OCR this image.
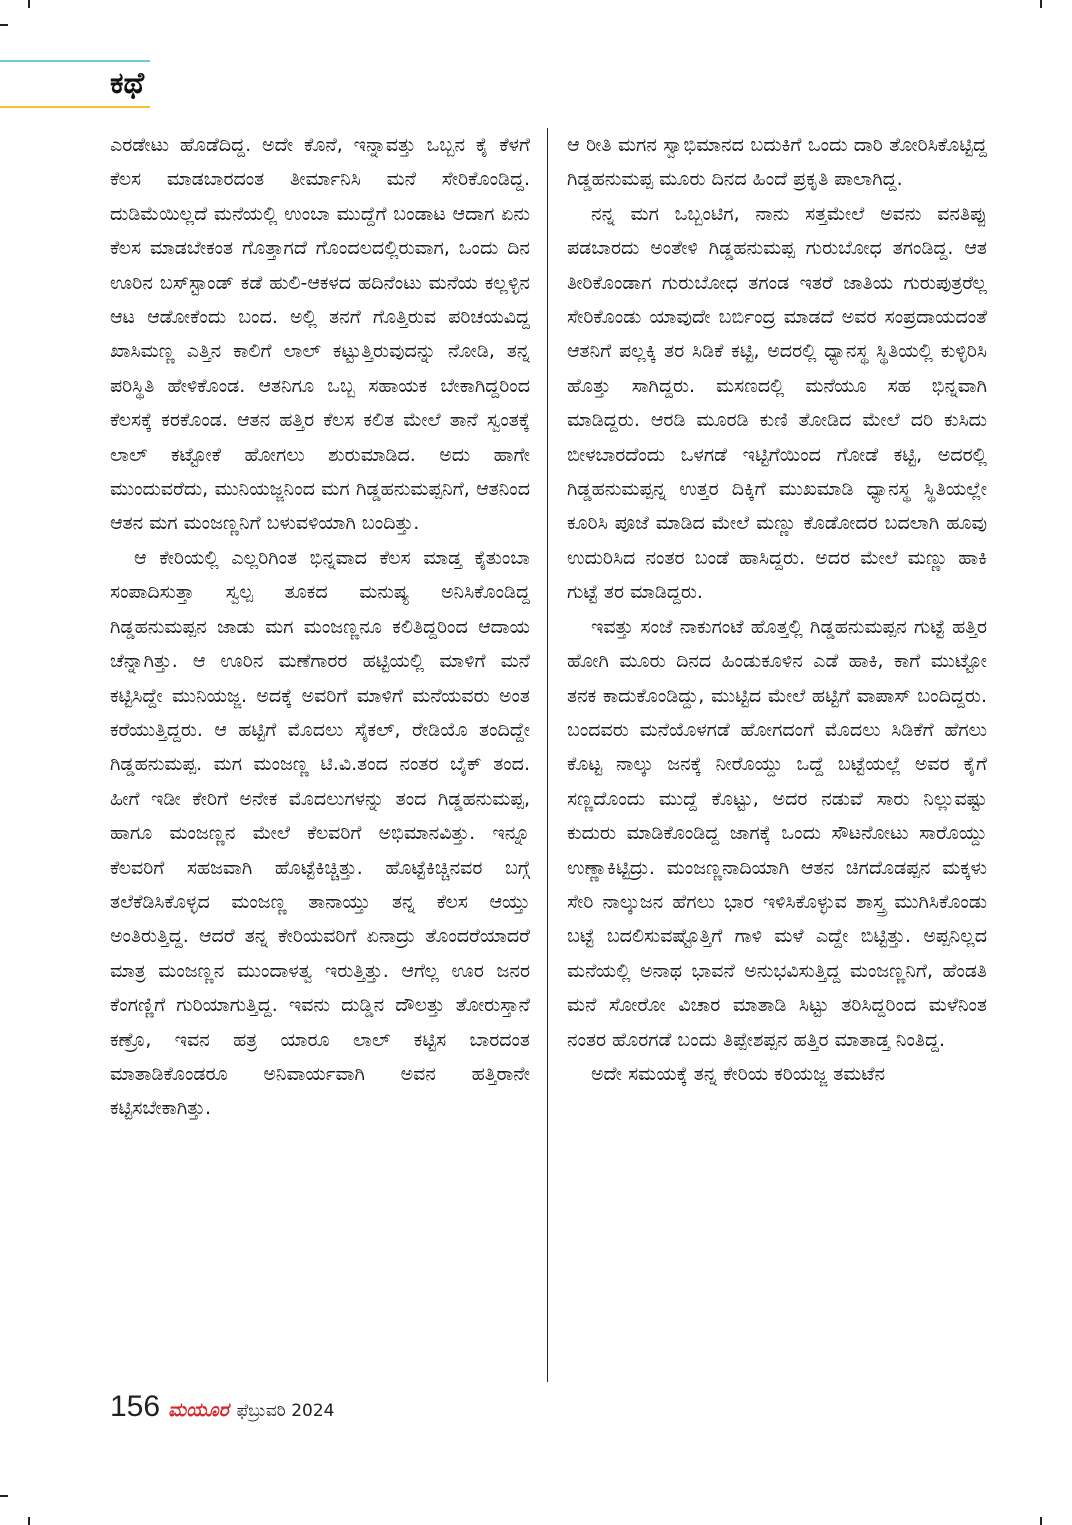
ಕಥೆ

ಎರಡೇಟು ಹೊಡೆದಿದ್ದ. ಅದೇ ಕೊನೆ, ಇನ್ನಾವತ್ತು ಒಬ್ಬನ ಕೈ ಕೆಳಗೆ ಕೆಲಸ ಮಾಡಬಾರದಂತ ತೀರ್ಮಾನಿಸಿ ಮನೆ ಸೇರಿಕೊಂಡಿದ್ದ. ದುಡಿಮೆಯಿಲ್ಲದೆ ಮನೆಯಲ್ಲಿ ಉಂಬಾ ಮುದ್ದೆಗೆ ಬಂಡಾಟ ಆದಾಗ ಏನು ಕೆಲಸ ಮಾಡಬೇಕಂತ ಗೊತ್ತಾಗದೆ ಗೊಂದಲದಲ್ಲಿರುವಾಗ, ಒಂದು ದಿನ ಊರಿನ ಬಸ್‌ಸ್ಟಾಂಡ್ ಕಡೆ ಹುಲಿ-ಆಕಳದ ಹದಿನೆಂಟು ಮನೆಯ ಕಲ್ಲಳ್ಳಿನ ಆಟ ಆಡೋಕೆಂದು ಬಂದ. ಅಲ್ಲಿ ತನಗೆ ಗೊತ್ತಿರುವ ಪರಿಚಯವಿದ್ದ ಖಾಸಿಮಣ್ಣ ಎತ್ತಿನ ಕಾಲಿಗೆ ಲಾಲ್ ಕಟ್ಟುತ್ತಿರುವುದನ್ನು ನೋಡಿ, ತನ್ನ ಪರಿಸ್ಥಿತಿ ಹೇಳಿಕೊಂಡ. ಆತನಿಗೂ ಒಬ್ಬ ಸಹಾಯಕ ಬೇಕಾಗಿದ್ದರಿಂದ ಕೆಲಸಕ್ಕೆ ಕರಕೊಂಡ. ಆತನ ಹತ್ತಿರ ಕೆಲಸ ಕಲಿತ ಮೇಲೆ ತಾನೆ ಸ್ವಂತಕ್ಕೆ ಲಾಲ್ ಕಟ್ಟೋಕೆ ಹೋಗಲು ಶುರುಮಾಡಿದ. ಅದು ಹಾಗೇ ಮುಂದುವರೆದು, ಮುನಿಯಜ್ಜನಿಂದ ಮಗ ಗಿಡ್ಡಹನುಮಪ್ಪನಿಗೆ, ಆತನಿಂದ ಆತನ ಮಗ ಮಂಜಣ್ಣನಿಗೆ ಬಳುವಳಿಯಾಗಿ ಬಂದಿತ್ತು.

ಆ ಕೇರಿಯಲ್ಲಿ ಎಲ್ಲರಿಗಿಂತ ಭಿನ್ನವಾದ ಕೆಲಸ ಮಾಡ್ತ ಕೈತುಂಬಾ ಸಂಪಾದಿಸುತ್ತಾ ಸ್ವಲ್ಪ ತೂಕದ ಮನುಷ್ಯ ಅನಿಸಿಕೊಂಡಿದ್ದ ಗಿಡ್ಡಹನುಮಪ್ಪನ ಜಾಡು ಮಗ ಮಂಜಣ್ಣನೂ ಕಲಿತಿದ್ದರಿಂದ ಆದಾಯ ಚೆನ್ನಾಗಿತ್ತು. ಆ ಊರಿನ ಮಣೆಗಾರರ ಹಟ್ಟಿಯಲ್ಲಿ ಮಾಳಿಗೆ ಮನೆ ಕಟ್ಟಿಸಿದ್ದೇ ಮುನಿಯಜ್ಜ. ಅದಕ್ಕೆ ಅವರಿಗೆ ಮಾಳಿಗೆ ಮನೆಯವರು ಅಂತ ಕರೆಯುತ್ತಿದ್ದರು. ಆ ಹಟ್ಟಿಗೆ ಮೊದಲು ಸೈಕಲ್, ರೇಡಿಯೊ ತಂದಿದ್ದೇ ಗಿಡ್ಡಹನುಮಪ್ಪ. ಮಗ ಮಂಜಣ್ಣ ಟಿ.ವಿ.ತಂದ ನಂತರ ಬೈಕ್ ತಂದ. ಹೀಗೆ ಇಡೀ ಕೇರಿಗೆ ಅನೇಕ ಮೊದಲುಗಳನ್ನು ತಂದ ಗಿಡ್ಡಹನುಮಪ್ಪ, ಹಾಗೂ ಮಂಜಣ್ಣನ ಮೇಲೆ ಕೆಲವರಿಗೆ ಅಭಿಮಾನವಿತ್ತು. ಇನ್ನೂ ಕೆಲವರಿಗೆ ಸಹಜವಾಗಿ ಹೊಟ್ಟೆಕಿಚ್ಚಿತ್ತು. ಹೊಟ್ಟೆಕಿಚ್ಚಿನವರ ಬಗ್ಗೆ ತಲೆಕೆಡಿಸಿಕೊಳ್ಳದ ಮಂಜಣ್ಣ ತಾನಾಯ್ತು ತನ್ನ ಕೆಲಸ ಆಯ್ತು ಅಂತಿರುತ್ತಿದ್ದ. ಆದರೆ ತನ್ನ ಕೇರಿಯವರಿಗೆ ಏನಾದ್ರು ತೊಂದರೆಯಾದರೆ ಮಾತ್ರ ಮಂಜಣ್ಣನ ಮುಂದಾಳತ್ವ ಇರುತ್ತಿತ್ತು. ಆಗೆಲ್ಲ ಊರ ಜನರ ಕೆಂಗಣ್ಣಿಗೆ ಗುರಿಯಾಗುತ್ತಿದ್ದ. ಇವನು ದುಡ್ಡಿನ ದೌಲತ್ತು ತೋರುಸ್ತಾನೆ ಕಣ್ರೊ, ಇವನ ಹತ್ರ ಯಾರೂ ಲಾಲ್ ಕಟ್ಟಿಸ ಬಾರದಂತ ಮಾತಾಡಿಕೊಂಡರೂ ಅನಿವಾರ್ಯವಾಗಿ ಅವನ ಹತ್ತಿರಾನೇ ಕಟ್ಟಿಸಬೇಕಾಗಿತ್ತು.

ಆ ರೀತಿ ಮಗನ ಸ್ವಾಭಿಮಾನದ ಬದುಕಿಗೆ ಒಂದು ದಾರಿ ತೋರಿಸಿಕೊಟ್ಟಿದ್ದ ಗಿಡ್ಡಹನುಮಪ್ಪ ಮೂರು ದಿನದ ಹಿಂದೆ ಪ್ರಕೃತಿ ಪಾಲಾಗಿದ್ದ.

ನನ್ನ ಮಗ ಒಬ್ಬಂಟಿಗ, ನಾನು ಸತ್ತಮೇಲೆ ಅವನು ವನತಿಪ್ಪು ಪಡಬಾರದು ಅಂತೇಳಿ ಗಿಡ್ಡಹನುಮಪ್ಪ ಗುರುಬೋಧ ತಗಂಡಿದ್ದ. ಆತ ತೀರಿಕೊಂಡಾಗ ಗುರುಬೋಧ ತಗಂಡ ಇತರೆ ಜಾತಿಯ ಗುರುಪುತ್ರರೆಲ್ಲ ಸೇರಿಕೊಂಡು ಯಾವುದೇ ಬರ್ಬಿಂದ್ರ ಮಾಡದೆ ಅವರ ಸಂಪ್ರದಾಯದಂತೆ ಆತನಿಗೆ ಪಲ್ಲಕ್ಕಿ ತರ ಸಿಡಿಕೆ ಕಟ್ಟಿ, ಅದರಲ್ಲಿ ಧ್ಯಾನಸ್ಥ ಸ್ಥಿತಿಯಲ್ಲಿ ಕುಳ್ಳಿರಿಸಿ ಹೊತ್ತು ಸಾಗಿದ್ದರು. ಮಸಣದಲ್ಲಿ ಮನೆಯೂ ಸಹ ಭಿನ್ನವಾಗಿ ಮಾಡಿದ್ದರು. ಆರಡಿ ಮೂರಡಿ ಕುಣಿ ತೋಡಿದ ಮೇಲೆ ದರಿ ಕುಸಿದು ಬೀಳಬಾರದೆಂದು ಒಳಗಡೆ ಇಟ್ಟಿಗೆಯಿಂದ ಗೋಡೆ ಕಟ್ಟಿ, ಅದರಲ್ಲಿ ಗಿಡ್ಡಹನುಮಪ್ಪನ್ನ ಉತ್ತರ ದಿಕ್ಕಿಗೆ ಮುಖಮಾಡಿ ಧ್ಯಾನಸ್ಥ ಸ್ಥಿತಿಯಲ್ಲೇ ಕೂರಿಸಿ ಪೂಜೆ ಮಾಡಿದ ಮೇಲೆ ಮಣ್ಣು ಕೊಡೋದರ ಬದಲಾಗಿ ಹೂವು ಉದುರಿಸಿದ ನಂತರ ಬಂಡೆ ಹಾಸಿದ್ದರು. ಅದರ ಮೇಲೆ ಮಣ್ಣು ಹಾಕಿ ಗುಟ್ಟೆ ತರ ಮಾಡಿದ್ದರು.

ಇವತ್ತು ಸಂಜೆ ನಾಕುಗಂಟೆ ಹೊತ್ತಲ್ಲಿ ಗಿಡ್ಡಹನುಮಪ್ಪನ ಗುಟ್ಟೆ ಹತ್ತಿರ ಹೋಗಿ ಮೂರು ದಿನದ ಹಿಂಡುಕೂಳಿನ ಎಡೆ ಹಾಕಿ, ಕಾಗೆ ಮುಟ್ಟೋ ತನಕ ಕಾದುಕೊಂಡಿದ್ದು, ಮುಟ್ಟಿದ ಮೇಲೆ ಹಟ್ಟಿಗೆ ವಾಪಾಸ್ ಬಂದಿದ್ದರು. ಬಂದವರು ಮನೆಯೊಳಗಡೆ ಹೋಗದಂಗೆ ಮೊದಲು ಸಿಡಿಕೆಗೆ ಹೆಗಲು ಕೊಟ್ಟ ನಾಲ್ಕು ಜನಕ್ಕೆ ನೀರೊಯ್ದು ಒದ್ದೆ ಬಟ್ಟೆಯಲ್ಲೆ ಅವರ ಕೈಗೆ ಸಣ್ಣದೊಂದು ಮುದ್ದೆ ಕೊಟ್ಟು, ಅದರ ನಡುವೆ ಸಾರು ನಿಲ್ಲುವಷ್ಟು ಕುದುರು ಮಾಡಿಕೊಂಡಿದ್ದ ಜಾಗಕ್ಕೆ ಒಂದು ಸೌಟನೋಟು ಸಾರೊಯ್ದು ಉಣ್ಣಾಕಿಟ್ಟಿದ್ರು. ಮಂಜಣ್ಣನಾದಿಯಾಗಿ ಆತನ ಚಿಗದೊಡಪ್ಪನ ಮಕ್ಕಳು ಸೇರಿ ನಾಲ್ಕುಜನ ಹೆಗಲು ಭಾರ ಇಳಿಸಿಕೊಳ್ಳುವ ಶಾಸ್ತ್ರ ಮುಗಿಸಿಕೊಂಡು ಬಟ್ಟೆ ಬದಲಿಸುವಷ್ಟೊತ್ತಿಗೆ ಗಾಳಿ ಮಳೆ ಎದ್ದೇ ಬಿಟ್ಟಿತ್ತು. ಅಪ್ಪನಿಲ್ಲದ ಮನೆಯಲ್ಲಿ ಅನಾಥ ಭಾವನೆ ಅನುಭವಿಸುತ್ತಿದ್ದ ಮಂಜಣ್ಣನಿಗೆ, ಹೆಂಡತಿ ಮನೆ ಸೋರೋ ವಿಚಾರ ಮಾತಾಡಿ ಸಿಟ್ಟು ತರಿಸಿದ್ದರಿಂದ ಮಳೆನಿಂತ ನಂತರ ಹೊರಗಡೆ ಬಂದು ತಿಪ್ಪೇಶಪ್ಪನ ಹತ್ತಿರ ಮಾತಾಡ್ತ ನಿಂತಿದ್ದ.

ಅದೇ ಸಮಯಕ್ಕೆ ತನ್ನ ಕೇರಿಯ ಕರಿಯಜ್ಜ ತಮಟೆನ

156 ಮಯೂರ ಫೆಬ್ರುವರಿ 2024
